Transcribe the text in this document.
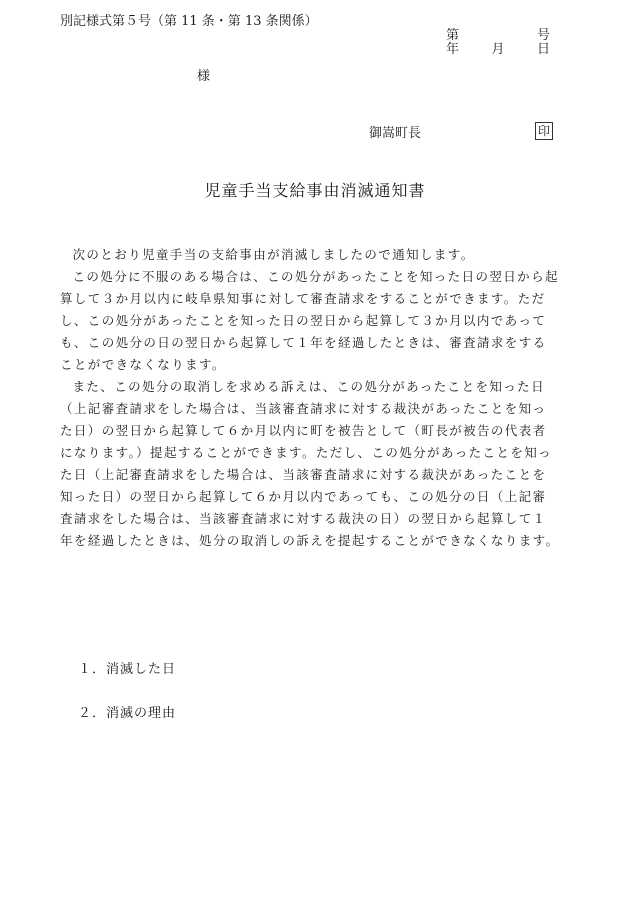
別記様式第５号（第 11 条・第 13 条関係）
第	号
年 月 日
様
御嵩町長	印
児童手当支給事由消滅通知書

次のとおり児童手当の支給事由が消滅しましたので通知します。

この処分に不服のある場合は、この処分があったことを知った日の翌日から起算して３か月以内に岐阜県知事に対して審査請求をすることができます。ただし、この処分があったことを知った日の翌日から起算して３か月以内であっても、この処分の日の翌日から起算して１年を経過したときは、審査請求をすることができなくなります。

また、この処分の取消しを求める訴えは、この処分があったことを知った日（上記審査請求をした場合は、当該審査請求に対する裁決があったことを知った日）の翌日から起算して６か月以内に町を被告として（町長が被告の代表者になります。）提起することができます。ただし、この処分があったことを知った日（上記審査請求をした場合は、当該審査請求に対する裁決があったことを知った日）の翌日から起算して６か月以内であっても、この処分の日（上記審査請求をした場合は、当該審査請求に対する裁決の日）の翌日から起算して１年を経過したときは、処分の取消しの訴えを提起することができなくなります。

１．消滅した日
２．消滅の理由
